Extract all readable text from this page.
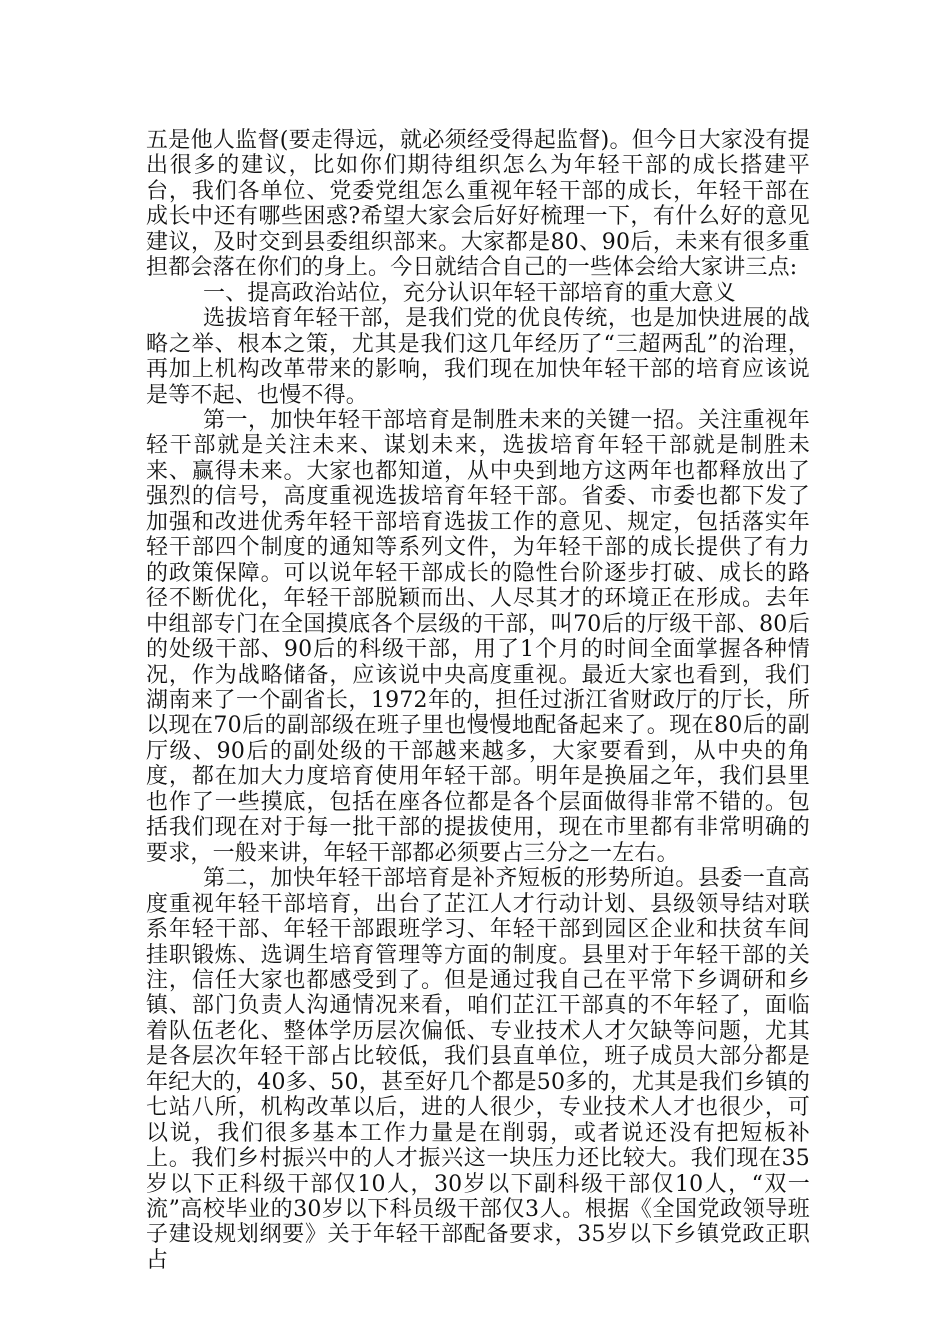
五是他人监督(要走得远，就必须经受得起监督)。但今日大家没有提出很多的建议，比如你们期待组织怎么为年轻干部的成长搭建平台，我们各单位、党委党组怎么重视年轻干部的成长，年轻干部在成长中还有哪些困惑?希望大家会后好好梳理一下，有什么好的意见建议，及时交到县委组织部来。大家都是80、90后，未来有很多重担都会落在你们的身上。今日就结合自己的一些体会给大家讲三点:

一、提高政治站位，充分认识年轻干部培育的重大意义

选拔培育年轻干部，是我们党的优良传统，也是加快进展的战略之举、根本之策，尤其是我们这几年经历了“三超两乱”的治理，再加上机构改革带来的影响，我们现在加快年轻干部的培育应该说是等不起、也慢不得。

第一，加快年轻干部培育是制胜未来的关键一招。关注重视年轻干部就是关注未来、谋划未来，选拔培育年轻干部就是制胜未来、赢得未来。大家也都知道，从中央到地方这两年也都释放出了强烈的信号，高度重视选拔培育年轻干部。省委、市委也都下发了加强和改进优秀年轻干部培育选拔工作的意见、规定，包括落实年轻干部四个制度的通知等系列文件，为年轻干部的成长提供了有力的政策保障。可以说年轻干部成长的隐性台阶逐步打破、成长的路径不断优化，年轻干部脱颖而出、人尽其才的环境正在形成。去年中组部专门在全国摸底各个层级的干部，叫70后的厅级干部、80后的处级干部、90后的科级干部，用了1个月的时间全面掌握各种情况，作为战略储备，应该说中央高度重视。最近大家也看到，我们湖南来了一个副省长，1972年的，担任过浙江省财政厅的厅长，所以现在70后的副部级在班子里也慢慢地配备起来了。现在80后的副厅级、90后的副处级的干部越来越多，大家要看到，从中央的角度，都在加大力度培育使用年轻干部。明年是换届之年，我们县里也作了一些摸底，包括在座各位都是各个层面做得非常不错的。包括我们现在对于每一批干部的提拔使用，现在市里都有非常明确的要求，一般来讲，年轻干部都必须要占三分之一左右。

第二，加快年轻干部培育是补齐短板的形势所迫。县委一直高度重视年轻干部培育，出台了芷江人才行动计划、县级领导结对联系年轻干部、年轻干部跟班学习、年轻干部到园区企业和扶贫车间挂职锻炼、选调生培育管理等方面的制度。县里对于年轻干部的关注，信任大家也都感受到了。但是通过我自己在平常下乡调研和乡镇、部门负责人沟通情况来看，咱们芷江干部真的不年轻了，面临着队伍老化、整体学历层次偏低、专业技术人才欠缺等问题，尤其是各层次年轻干部占比较低，我们县直单位，班子成员大部分都是年纪大的，40多、50，甚至好几个都是50多的，尤其是我们乡镇的七站八所，机构改革以后，进的人很少，专业技术人才也很少，可以说，我们很多基本工作力量是在削弱，或者说还没有把短板补上。我们乡村振兴中的人才振兴这一块压力还比较大。我们现在35岁以下正科级干部仅10人，30岁以下副科级干部仅10人，“双一流”高校毕业的30岁以下科员级干部仅3人。根据《全国党政领导班子建设规划纲要》关于年轻干部配备要求，35岁以下乡镇党政正职占
